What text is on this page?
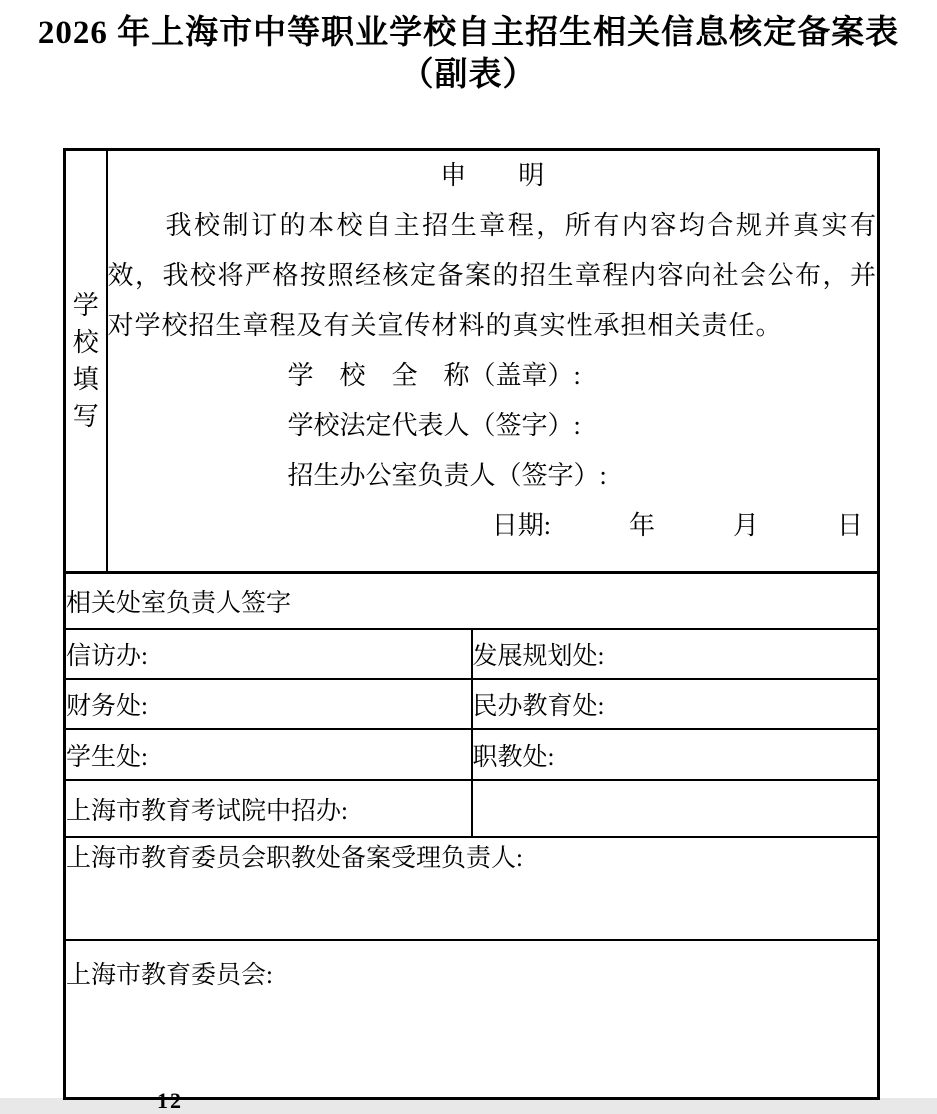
2026 年上海市中等职业学校自主招生相关信息核定备案表
（副表）
学校填写	
申　　明

我校制订的本校自主招生章程，所有内容均合规并真实有效，我校将严格按照经核定备案的招生章程内容向社会公布，并对学校招生章程及有关宣传材料的真实性承担相关责任。

学　校　全　称（盖章）:
学校法定代表人（签字）:
招生办公室负责人（签字）:
日期:　　　年　　　月　　　日

相关处室负责人签字		
信访办:		发展规划处:
财务处:		民办教育处:
学生处:		职教处:
上海市教育考试院中招办:		
上海市教育委员会职教处备案受理负责人:		
上海市教育委员会:		
12
